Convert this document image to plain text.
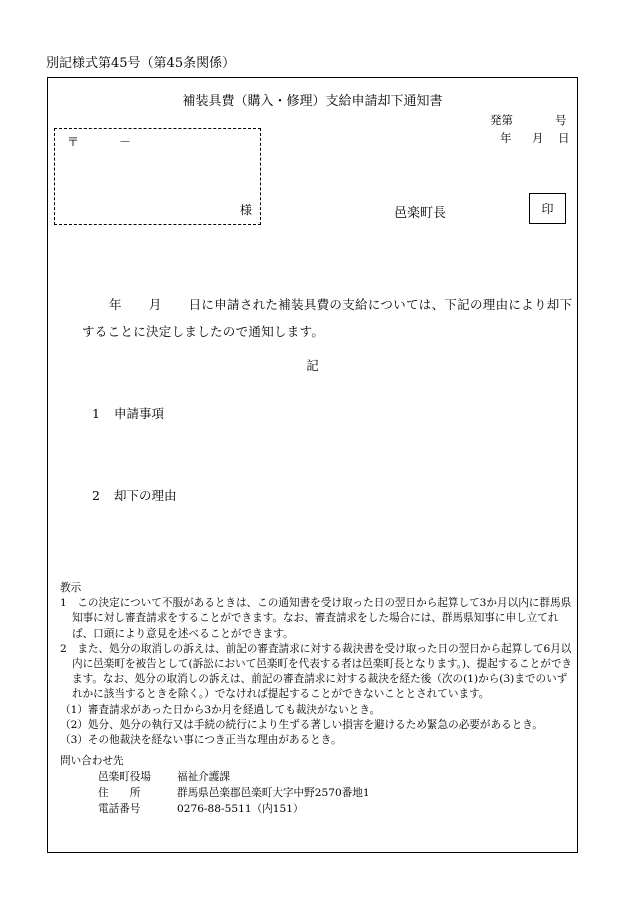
別記様式第45号（第45条関係）
補装具費（購入・修理）支給申請却下通知書
発第	号
年 月 日
〒	－
様	邑楽町長	印
年 月 日に申請された補装具費の支給については、下記の理由により却下
することに決定しましたので通知します。
記
1 申請事項
2 却下の理由
教示
1　この決定について不服があるときは、この通知書を受け取った日の翌日から起算して3か月以内に群馬県知事に対し審査請求をすることができます。なお、審査請求をした場合には、群馬県知事に申し立てれば、口頭により意見を述べることができます。
2　また、処分の取消しの訴えは、前記の審査請求に対する裁決書を受け取った日の翌日から起算して6月以内に邑楽町を被告として(訴訟において邑楽町を代表する者は邑楽町長となります。)、提起することができます。なお、処分の取消しの訴えは、前記の審査請求に対する裁決を経た後（次の(1)から(3)までのいずれかに該当するときを除く。）でなければ提起することができないこととされています。
（1）審査請求があった日から3か月を経過しても裁決がないとき。
（2）処分、処分の執行又は手続の続行により生ずる著しい損害を避けるため緊急の必要があるとき。
（3）その他裁決を経ない事につき正当な理由があるとき。
問い合わせ先
邑楽町役場	福祉介護課
住　　所	群馬県邑楽郡邑楽町大字中野2570番地1
電話番号	0276-88-5511（内151）
